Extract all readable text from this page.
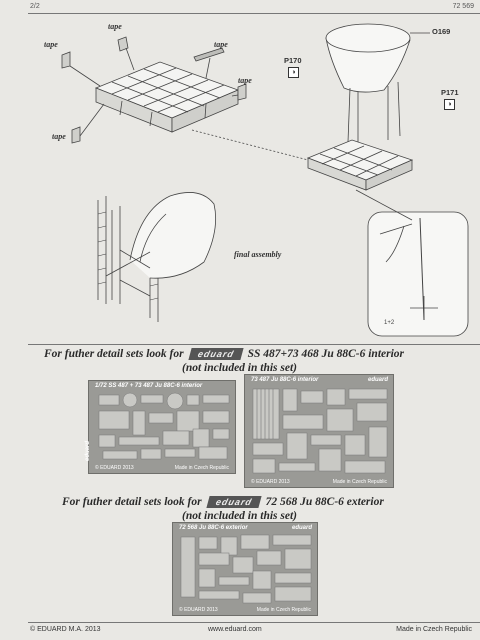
2/2	72 569
tape
tape	tape
tape
tape
O169
P170
◑
P171
◑
final assembly
1+2
For futher detail sets look for eduard SS 487+73 468 Ju 88C-6 interior
(not included in this set)
1/72 SS 487 + 73 487 Ju 88C-6 interior
eduard
© EDUARD 2013	Made in Czech Republic
73 487 Ju 88C-6 interior	eduard
© EDUARD 2013	Made in Czech Republic
For futher detail sets look for eduard 72 568 Ju 88C-6 exterior
(not included in this set)
72 568 Ju 88C-6 exterior	eduard
© EDUARD 2013	Made in Czech Republic
© EDUARD M.A. 2013	www.eduard.com	Made in Czech Republic
